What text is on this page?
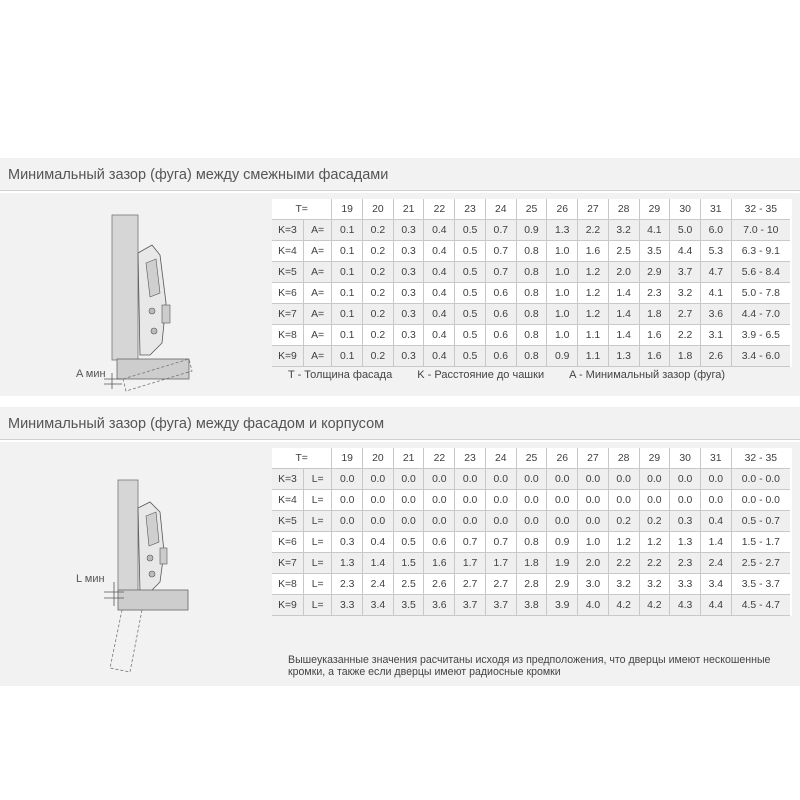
Минимальный зазор (фуга) между смежными фасадами
A мин
T=		19	20	21	22	23	24	25	26	27	28	29	30	31	32 - 35
K=3	A=	0.1	0.2	0.3	0.4	0.5	0.7	0.9	1.3	2.2	3.2	4.1	5.0	6.0	7.0 - 10
K=4	A=	0.1	0.2	0.3	0.4	0.5	0.7	0.8	1.0	1.6	2.5	3.5	4.4	5.3	6.3 - 9.1
K=5	A=	0.1	0.2	0.3	0.4	0.5	0.7	0.8	1.0	1.2	2.0	2.9	3.7	4.7	5.6 - 8.4
K=6	A=	0.1	0.2	0.3	0.4	0.5	0.6	0.8	1.0	1.2	1.4	2.3	3.2	4.1	5.0 - 7.8
K=7	A=	0.1	0.2	0.3	0.4	0.5	0.6	0.8	1.0	1.2	1.4	1.8	2.7	3.6	4.4 - 7.0
K=8	A=	0.1	0.2	0.3	0.4	0.5	0.6	0.8	1.0	1.1	1.4	1.6	2.2	3.1	3.9 - 6.5
K=9	A=	0.1	0.2	0.3	0.4	0.5	0.6	0.8	0.9	1.1	1.3	1.6	1.8	2.6	3.4 - 6.0
T - Толщина фасада K - Расстояние до чашки A - Минимальный зазор (фуга)
Минимальный зазор (фуга) между фасадом и корпусом
L мин
T=		19	20	21	22	23	24	25	26	27	28	29	30	31	32 - 35
K=3	L=	0.0	0.0	0.0	0.0	0.0	0.0	0.0	0.0	0.0	0.0	0.0	0.0	0.0	0.0 - 0.0
K=4	L=	0.0	0.0	0.0	0.0	0.0	0.0	0.0	0.0	0.0	0.0	0.0	0.0	0.0	0.0 - 0.0
K=5	L=	0.0	0.0	0.0	0.0	0.0	0.0	0.0	0.0	0.0	0.2	0.2	0.3	0.4	0.5 - 0.7
K=6	L=	0.3	0.4	0.5	0.6	0.7	0.7	0.8	0.9	1.0	1.2	1.2	1.3	1.4	1.5 - 1.7
K=7	L=	1.3	1.4	1.5	1.6	1.7	1.7	1.8	1.9	2.0	2.2	2.2	2.3	2.4	2.5 - 2.7
K=8	L=	2.3	2.4	2.5	2.6	2.7	2.7	2.8	2.9	3.0	3.2	3.2	3.3	3.4	3.5 - 3.7
K=9	L=	3.3	3.4	3.5	3.6	3.7	3.7	3.8	3.9	4.0	4.2	4.2	4.3	4.4	4.5 - 4.7
Вышеуказанные значения расчитаны исходя из предположения, что дверцы имеют нескошенные кромки, а также если дверцы имеют радиосные кромки
